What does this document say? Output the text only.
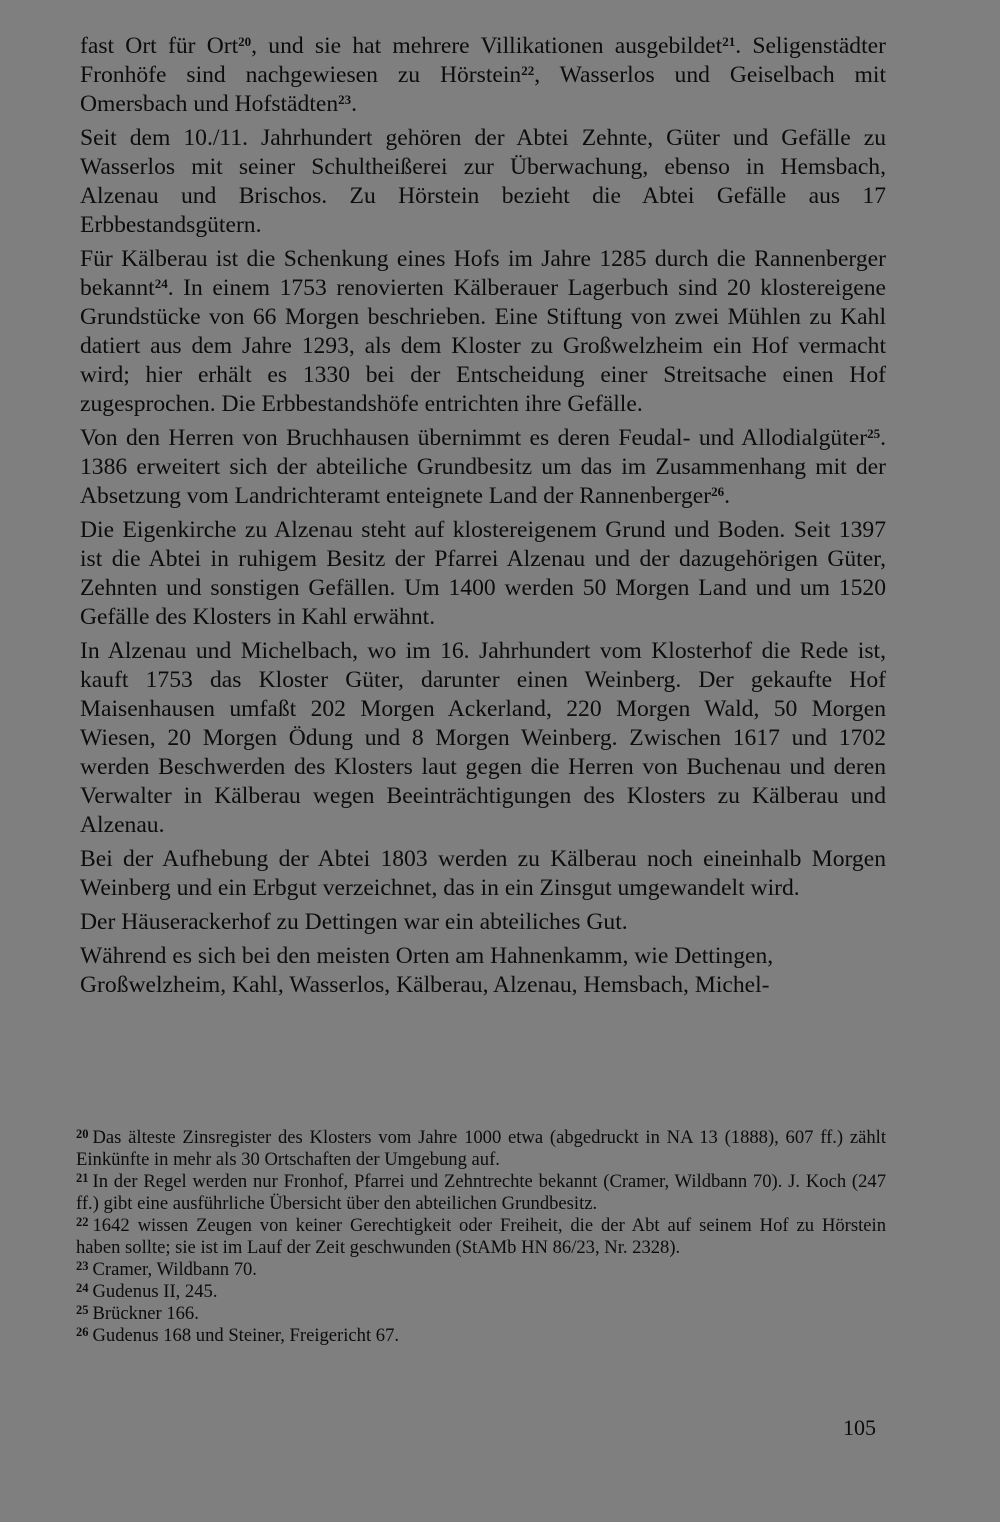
fast Ort für Ort$^{20}$, und sie hat mehrere Villikationen ausgebildet$^{21}$. Seligenstädter Fronhöfe sind nachgewiesen zu Hörstein$^{22}$, Wasserlos und Geiselbach mit Omersbach und Hofstädten$^{23}$.

Seit dem 10./11. Jahrhundert gehören der Abtei Zehnte, Güter und Gefälle zu Wasserlos mit seiner Schultheißerei zur Überwachung, ebenso in Hemsbach, Alzenau und Brischos. Zu Hörstein bezieht die Abtei Gefälle aus 17 Erbbestandsgütern.

Für Kälberau ist die Schenkung eines Hofs im Jahre 1285 durch die Rannenberger bekannt$^{24}$. In einem 1753 renovierten Kälberauer Lagerbuch sind 20 klostereigene Grundstücke von 66 Morgen beschrieben. Eine Stiftung von zwei Mühlen zu Kahl datiert aus dem Jahre 1293, als dem Kloster zu Großwelzheim ein Hof vermacht wird; hier erhält es 1330 bei der Entscheidung einer Streitsache einen Hof zugesprochen. Die Erbbestandshöfe entrichten ihre Gefälle.

Von den Herren von Bruchhausen übernimmt es deren Feudal- und Allodialgüter$^{25}$. 1386 erweitert sich der abteiliche Grundbesitz um das im Zusammenhang mit der Absetzung vom Landrichteramt enteignete Land der Rannenberger$^{26}$.

Die Eigenkirche zu Alzenau steht auf klostereigenem Grund und Boden. Seit 1397 ist die Abtei in ruhigem Besitz der Pfarrei Alzenau und der dazugehörigen Güter, Zehnten und sonstigen Gefällen. Um 1400 werden 50 Morgen Land und um 1520 Gefälle des Klosters in Kahl erwähnt.

In Alzenau und Michelbach, wo im 16. Jahrhundert vom Klosterhof die Rede ist, kauft 1753 das Kloster Güter, darunter einen Weinberg. Der gekaufte Hof Maisenhausen umfaßt 202 Morgen Ackerland, 220 Morgen Wald, 50 Morgen Wiesen, 20 Morgen Ödung und 8 Morgen Weinberg. Zwischen 1617 und 1702 werden Beschwerden des Klosters laut gegen die Herren von Buchenau und deren Verwalter in Kälberau wegen Beeinträchtigungen des Klosters zu Kälberau und Alzenau.

Bei der Aufhebung der Abtei 1803 werden zu Kälberau noch eineinhalb Morgen Weinberg und ein Erbgut verzeichnet, das in ein Zinsgut umgewandelt wird.

Der Häuserackerhof zu Dettingen war ein abteiliches Gut.

Während es sich bei den meisten Orten am Hahnenkamm, wie Dettingen, Großwelzheim, Kahl, Wasserlos, Kälberau, Alzenau, Hemsbach, Michel-

$^{20}$ Das älteste Zinsregister des Klosters vom Jahre 1000 etwa (abgedruckt in NA 13 (1888), 607 ff.) zählt Einkünfte in mehr als 30 Ortschaften der Umgebung auf.

$^{21}$ In der Regel werden nur Fronhof, Pfarrei und Zehntrechte bekannt (Cramer, Wildbann 70). J. Koch (247 ff.) gibt eine ausführliche Übersicht über den abteilichen Grundbesitz.

$^{22}$ 1642 wissen Zeugen von keiner Gerechtigkeit oder Freiheit, die der Abt auf seinem Hof zu Hörstein haben sollte; sie ist im Lauf der Zeit geschwunden (StAMb HN 86/23, Nr. 2328).

$^{23}$ Cramer, Wildbann 70.

$^{24}$ Gudenus II, 245.

$^{25}$ Brückner 166.

$^{26}$ Gudenus 168 und Steiner, Freigericht 67.

105
